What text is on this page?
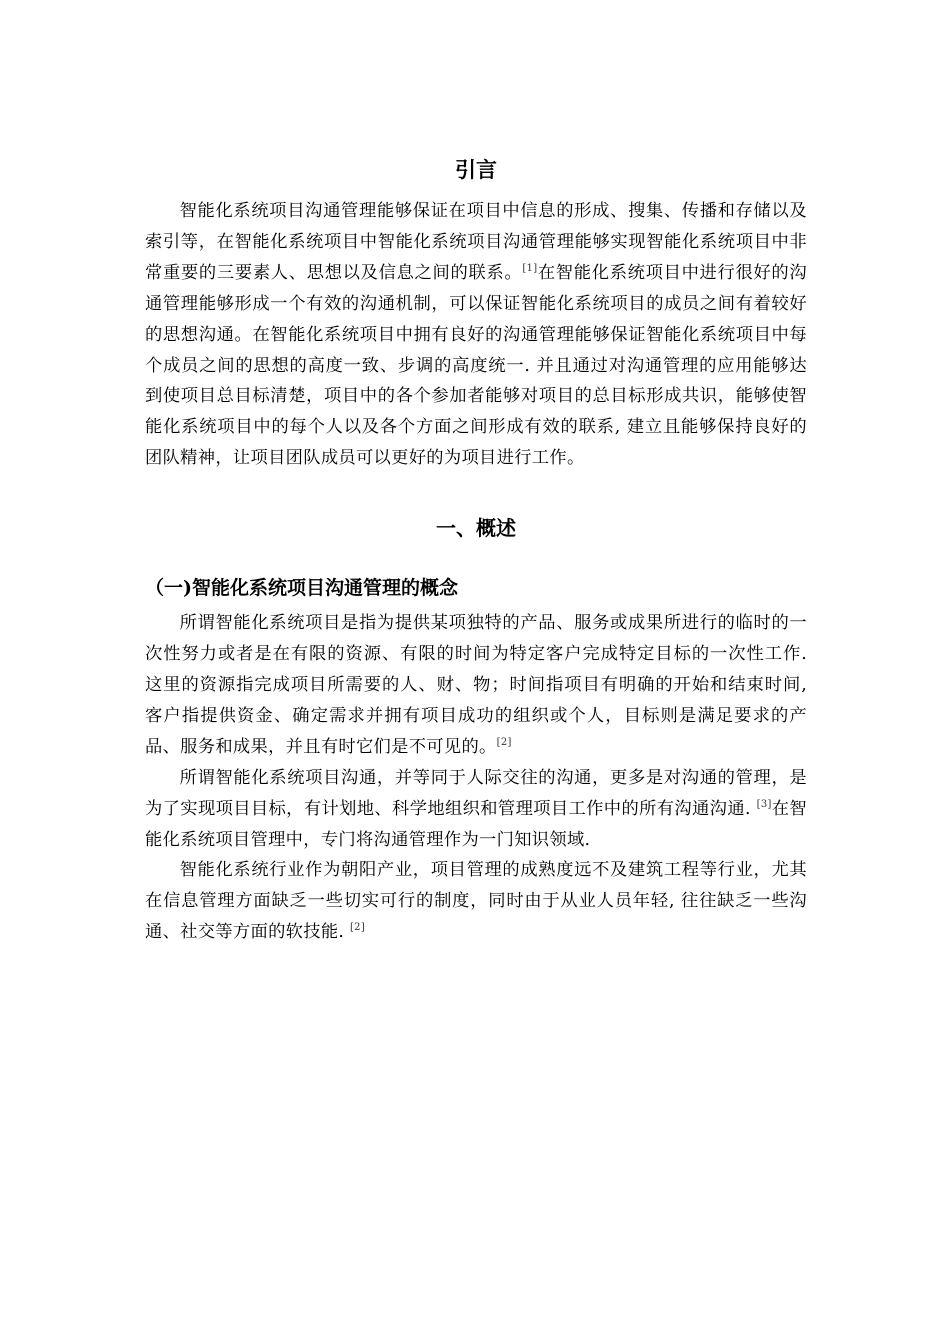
引言

智能化系统项目沟通管理能够保证在项目中信息的形成、搜集、传播和存储以及索引等，在智能化系统项目中智能化系统项目沟通管理能够实现智能化系统项目中非常重要的三要素人、思想以及信息之间的联系。[1]在智能化系统项目中进行很好的沟通管理能够形成一个有效的沟通机制，可以保证智能化系统项目的成员之间有着较好的思想沟通。在智能化系统项目中拥有良好的沟通管理能够保证智能化系统项目中每个成员之间的思想的高度一致、步调的高度统一. 并且通过对沟通管理的应用能够达到使项目总目标清楚，项目中的各个参加者能够对项目的总目标形成共识，能够使智能化系统项目中的每个人以及各个方面之间形成有效的联系, 建立且能够保持良好的团队精神，让项目团队成员可以更好的为项目进行工作。

一、概述
（一)智能化系统项目沟通管理的概念

所谓智能化系统项目是指为提供某项独特的产品、服务或成果所进行的临时的一次性努力或者是在有限的资源、有限的时间为特定客户完成特定目标的一次性工作. 这里的资源指完成项目所需要的人、财、物；时间指项目有明确的开始和结束时间, 客户指提供资金、确定需求并拥有项目成功的组织或个人，目标则是满足要求的产品、服务和成果，并且有时它们是不可见的。[2]

所谓智能化系统项目沟通，并等同于人际交往的沟通，更多是对沟通的管理，是为了实现项目目标，有计划地、科学地组织和管理项目工作中的所有沟通沟通. [3]在智能化系统项目管理中，专门将沟通管理作为一门知识领域.

智能化系统行业作为朝阳产业，项目管理的成熟度远不及建筑工程等行业，尤其在信息管理方面缺乏一些切实可行的制度，同时由于从业人员年轻, 往往缺乏一些沟通、社交等方面的软技能. [2]
